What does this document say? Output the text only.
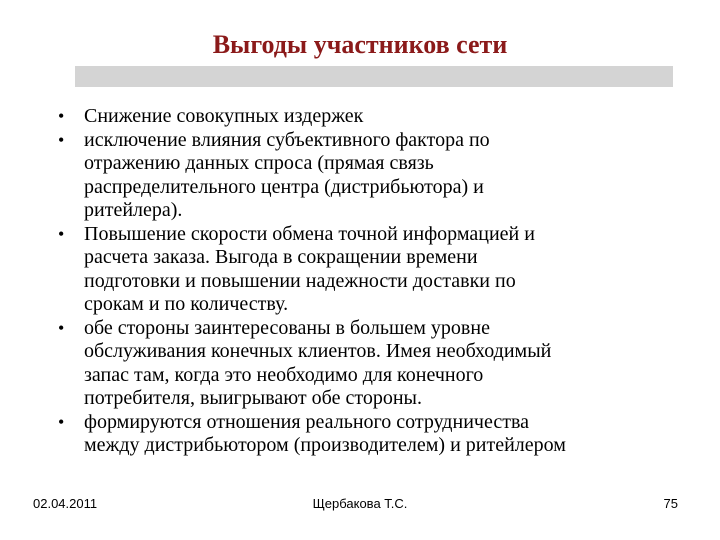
Выгоды участников сети
• Снижение совокупных издержек
• исключение влияния субъективного фактора по
отражению данных спроса (прямая связь
распределительного центра (дистрибьютора) и
ритейлера).
• Повышение скорости обмена точной информацией и
расчета заказа. Выгода в сокращении времени
подготовки и повышении надежности доставки по
срокам и по количеству.
• обе стороны заинтересованы в большем уровне
обслуживания конечных клиентов. Имея необходимый
запас там, когда это необходимо для конечного
потребителя, выигрывают обе стороны.
• формируются отношения реального сотрудничества
между дистрибьютором (производителем) и ритейлером
02.04.2011	Щербакова Т.С.	75
